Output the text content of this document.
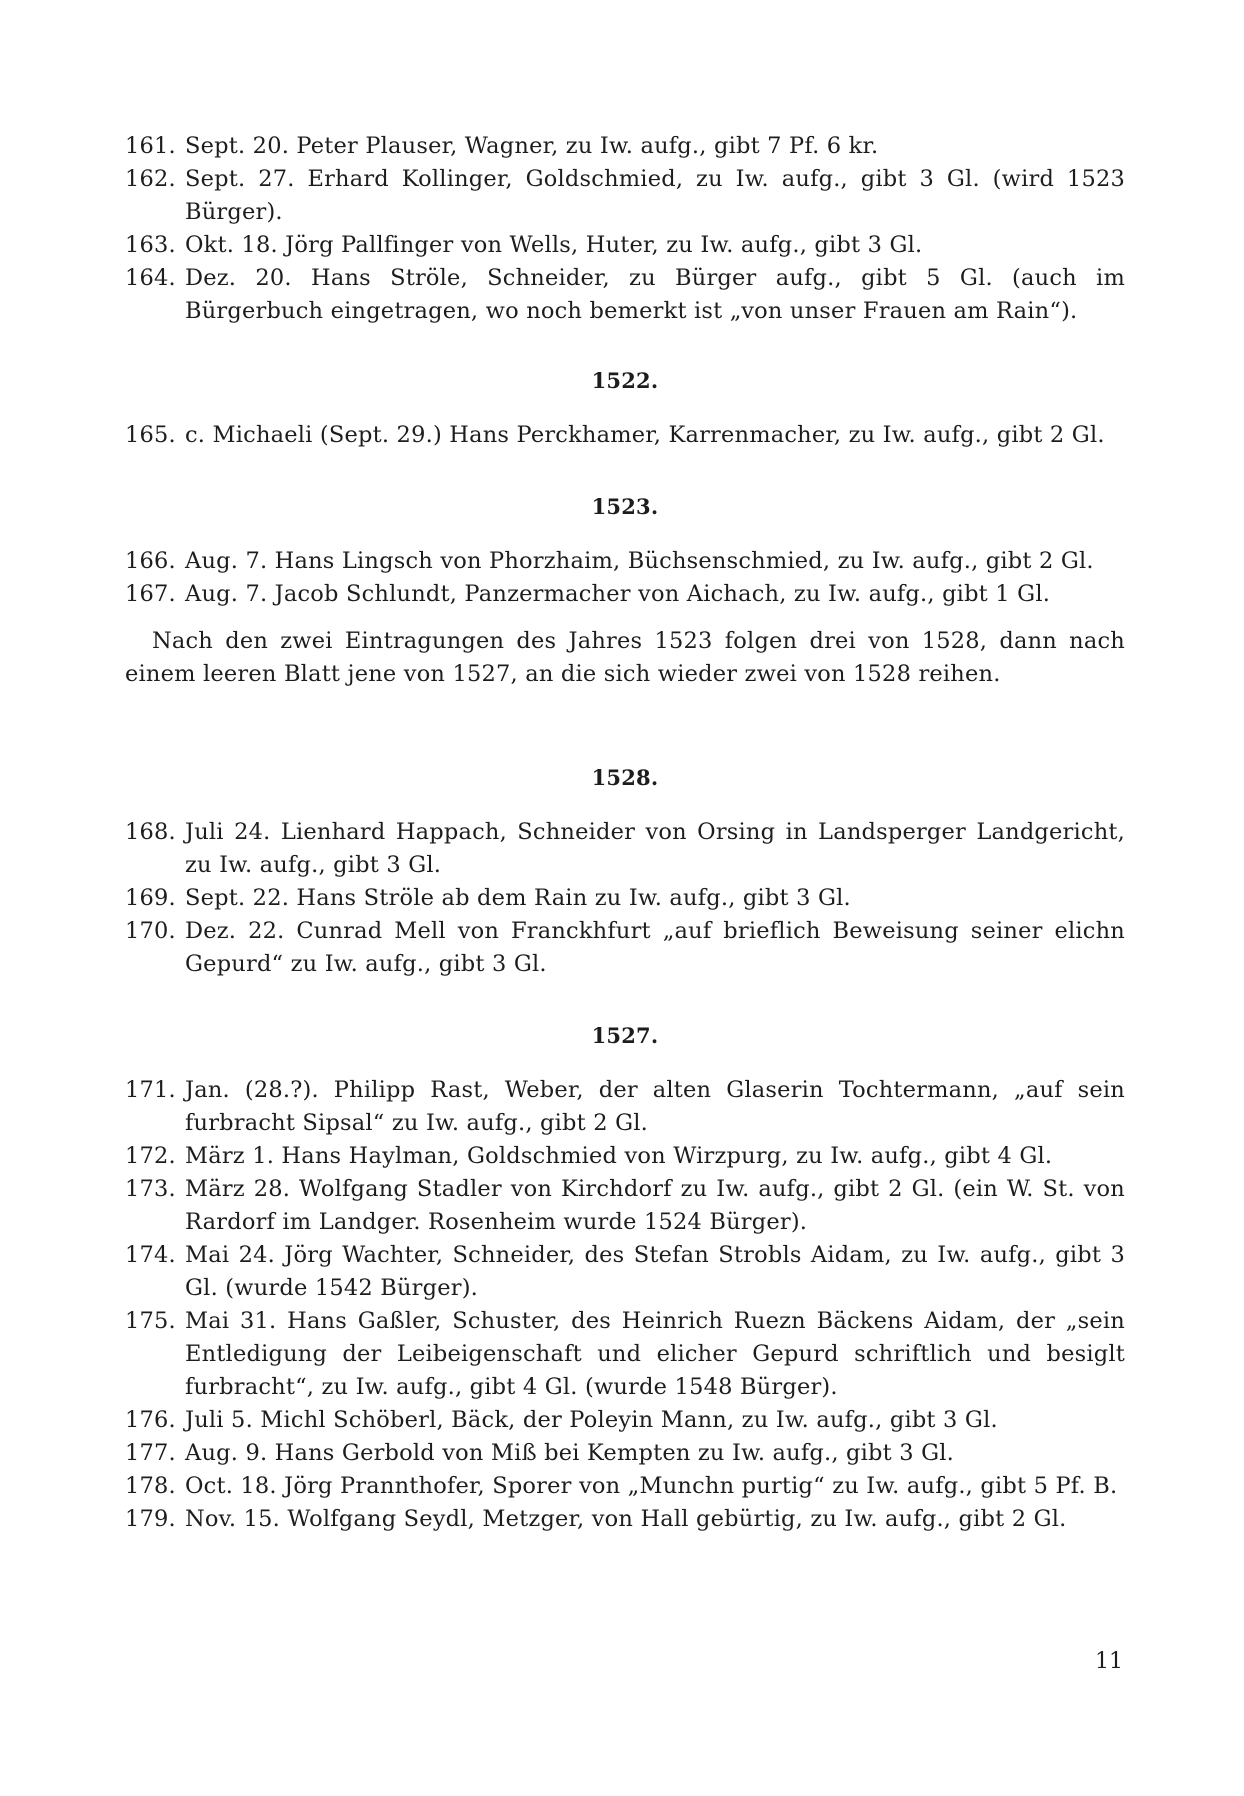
161. Sept. 20. Peter Plauser, Wagner, zu Iw. aufg., gibt 7 Pf. 6 kr.
162. Sept. 27. Erhard Kollinger, Goldschmied, zu Iw. aufg., gibt 3 Gl. (wird 1523 Bürger).
163. Okt. 18. Jörg Pallfinger von Wells, Huter, zu Iw. aufg., gibt 3 Gl.
164. Dez. 20. Hans Ströle, Schneider, zu Bürger aufg., gibt 5 Gl. (auch im Bürgerbuch eingetragen, wo noch bemerkt ist „von unser Frauen am Rain“).
1522.
165. c. Michaeli (Sept. 29.) Hans Perckhamer, Karrenmacher, zu Iw. aufg., gibt 2 Gl.
1523.
166. Aug. 7. Hans Lingsch von Phorzhaim, Büchsenschmied, zu Iw. aufg., gibt 2 Gl.
167. Aug. 7. Jacob Schlundt, Panzermacher von Aichach, zu Iw. aufg., gibt 1 Gl.

Nach den zwei Eintragungen des Jahres 1523 folgen drei von 1528, dann nach einem leeren Blatt jene von 1527, an die sich wieder zwei von 1528 reihen.

1528.
168. Juli 24. Lienhard Happach, Schneider von Orsing in Landsperger Landgericht, zu Iw. aufg., gibt 3 Gl.
169. Sept. 22. Hans Ströle ab dem Rain zu Iw. aufg., gibt 3 Gl.
170. Dez. 22. Cunrad Mell von Franckhfurt „auf brieflich Beweisung seiner elichn Gepurd“ zu Iw. aufg., gibt 3 Gl.
1527.
171. Jan. (28.?). Philipp Rast, Weber, der alten Glaserin Tochtermann, „auf sein furbracht Sipsal“ zu Iw. aufg., gibt 2 Gl.
172. März 1. Hans Haylman, Goldschmied von Wirzpurg, zu Iw. aufg., gibt 4 Gl.
173. März 28. Wolfgang Stadler von Kirchdorf zu Iw. aufg., gibt 2 Gl. (ein W. St. von Rardorf im Landger. Rosenheim wurde 1524 Bürger).
174. Mai 24. Jörg Wachter, Schneider, des Stefan Strobls Aidam, zu Iw. aufg., gibt 3 Gl. (wurde 1542 Bürger).
175. Mai 31. Hans Gaßler, Schuster, des Heinrich Ruezn Bäckens Aidam, der „sein Entledigung der Leibeigenschaft und elicher Gepurd schriftlich und besiglt furbracht“, zu Iw. aufg., gibt 4 Gl. (wurde 1548 Bürger).
176. Juli 5. Michl Schöberl, Bäck, der Poleyin Mann, zu Iw. aufg., gibt 3 Gl.
177. Aug. 9. Hans Gerbold von Miß bei Kempten zu Iw. aufg., gibt 3 Gl.
178. Oct. 18. Jörg Prannthofer, Sporer von „Munchn purtig“ zu Iw. aufg., gibt 5 Pf. B.
179. Nov. 15. Wolfgang Seydl, Metzger, von Hall gebürtig, zu Iw. aufg., gibt 2 Gl.
11
